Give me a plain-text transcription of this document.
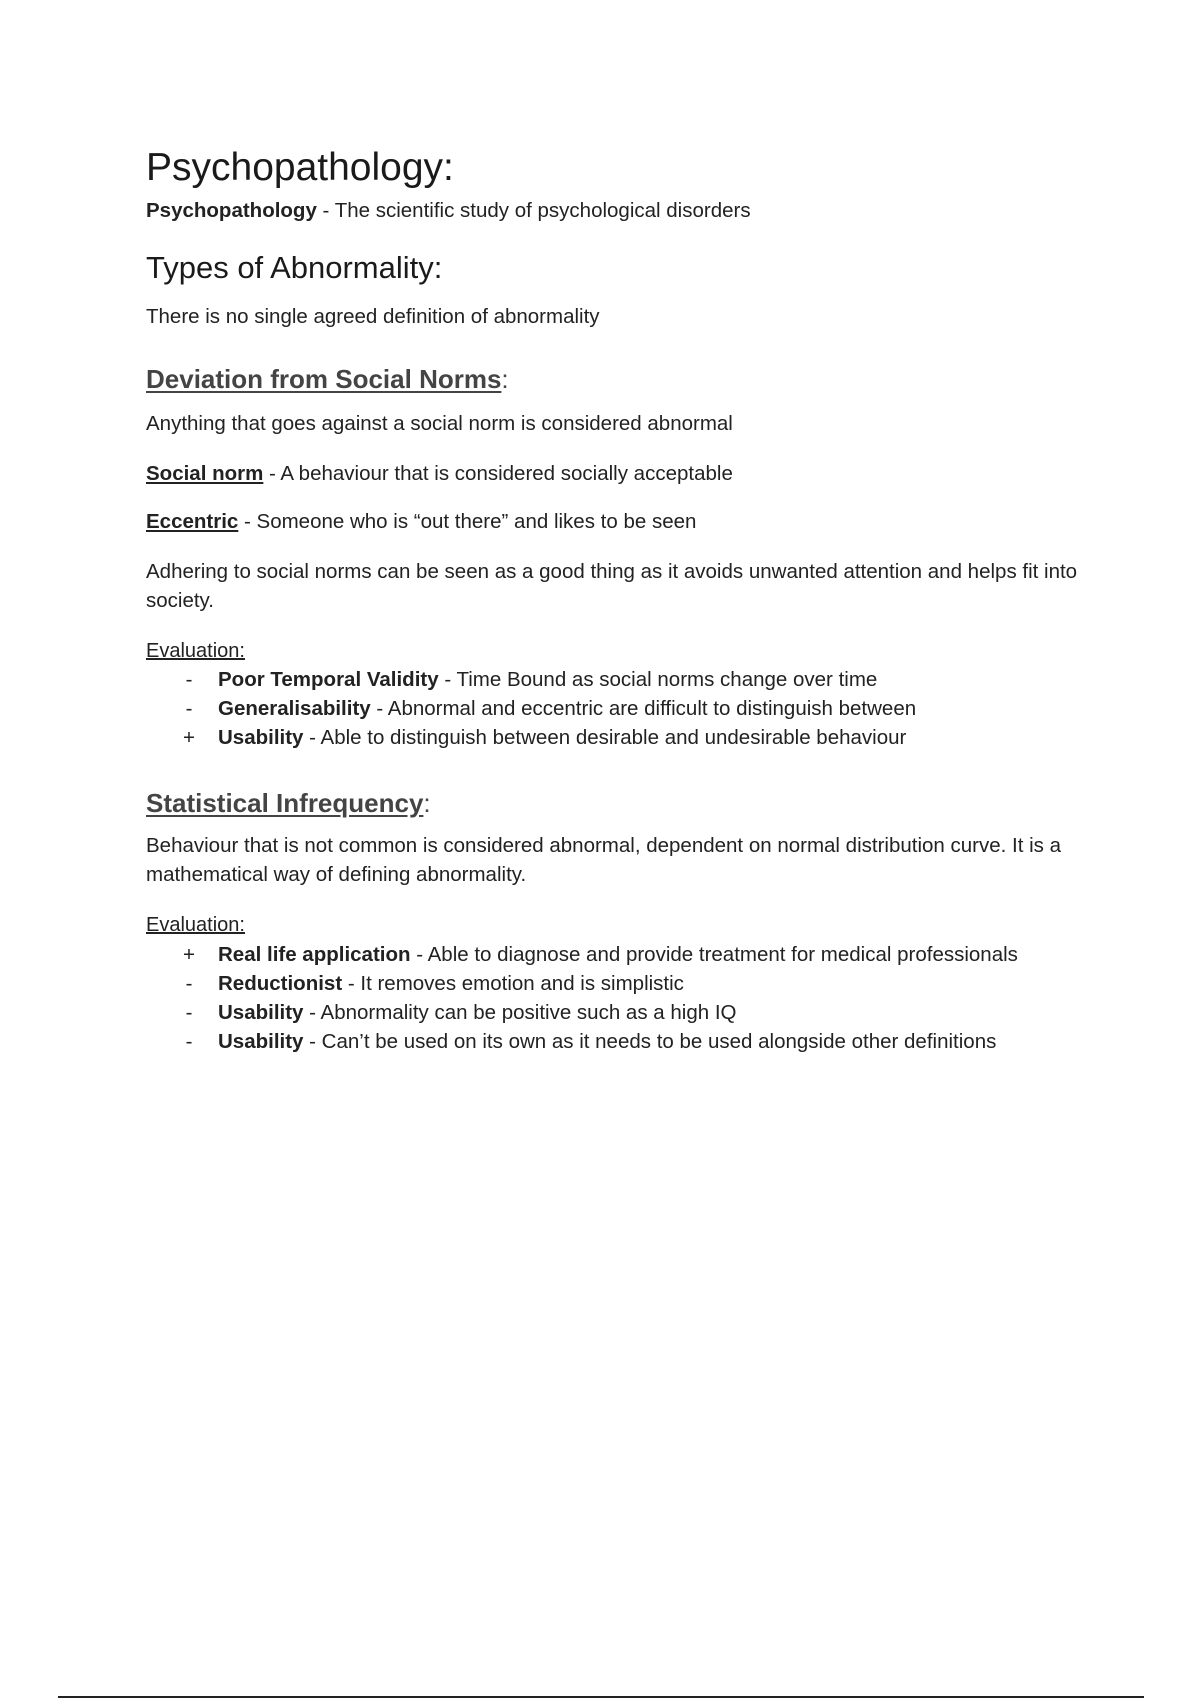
Psychopathology:

Psychopathology - The scientific study of psychological disorders

Types of Abnormality:

There is no single agreed definition of abnormality

Deviation from Social Norms:

Anything that goes against a social norm is considered abnormal

Social norm - A behaviour that is considered socially acceptable

Eccentric - Someone who is “out there” and likes to be seen

Adhering to social norms can be seen as a good thing as it avoids unwanted attention and helps fit into society.

Evaluation:

- Poor Temporal Validity - Time Bound as social norms change over time
- Generalisability - Abnormal and eccentric are difficult to distinguish between
+ Usability - Able to distinguish between desirable and undesirable behaviour
Statistical Infrequency:

Behaviour that is not common is considered abnormal, dependent on normal distribution curve. It is a mathematical way of defining abnormality.

Evaluation:

+ Real life application - Able to diagnose and provide treatment for medical professionals
- Reductionist - It removes emotion and is simplistic
- Usability - Abnormality can be positive such as a high IQ
- Usability - Can’t be used on its own as it needs to be used alongside other definitions
